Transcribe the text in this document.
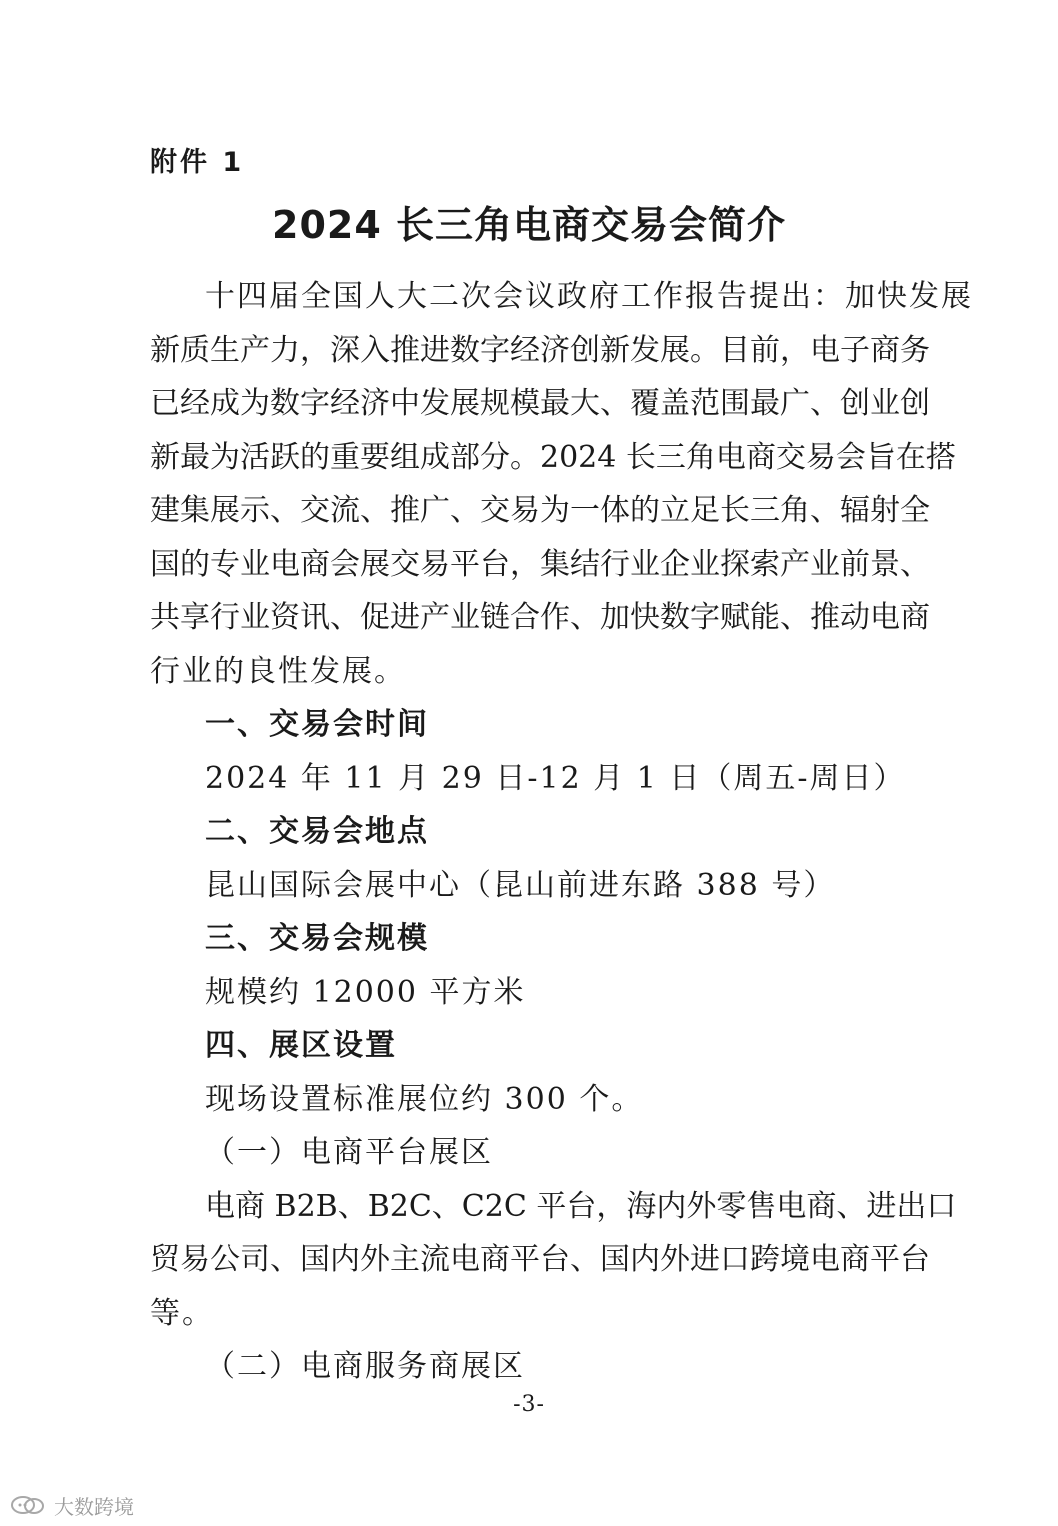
附件 1
2024 长三角电商交易会简介
十四届全国人大二次会议政府工作报告提出：加快发展
新质生产力，深入推进数字经济创新发展。目前，电子商务
已经成为数字经济中发展规模最大、覆盖范围最广、创业创
新最为活跃的重要组成部分。2024 长三角电商交易会旨在搭
建集展示、交流、推广、交易为一体的立足长三角、辐射全
国的专业电商会展交易平台，集结行业企业探索产业前景、
共享行业资讯、促进产业链合作、加快数字赋能、推动电商
行业的良性发展。
一、交易会时间
2024 年 11 月 29 日-12 月 1 日（周五-周日）
二、交易会地点
昆山国际会展中心（昆山前进东路 388 号）
三、交易会规模
规模约 12000 平方米
四、展区设置
现场设置标准展位约 300 个。
（一）电商平台展区
电商 B2B、B2C、C2C 平台，海内外零售电商、进出口
贸易公司、国内外主流电商平台、国内外进口跨境电商平台
等。
（二）电商服务商展区
-3-
大数跨境
